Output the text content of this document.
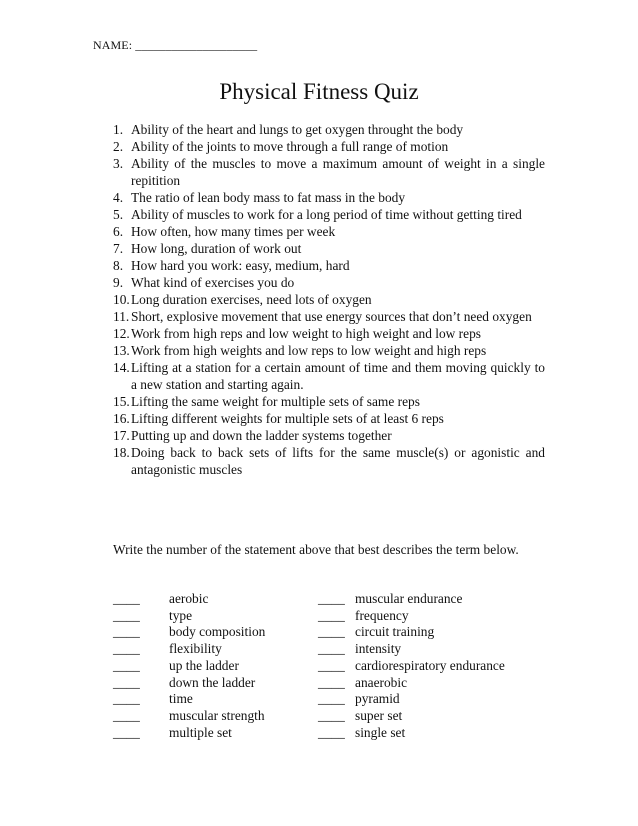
NAME: ____________________
Physical Fitness Quiz
1. Ability of the heart and lungs to get oxygen throught the body
2. Ability of the joints to move through a full range of motion
3. Ability of the muscles to move a maximum amount of weight in a single repitition
4. The ratio of lean body mass to fat mass in the body
5. Ability of muscles to work for a long period of time without getting tired
6. How often, how many times per week
7. How long, duration of work out
8. How hard you work: easy, medium, hard
9. What kind of exercises you do
10. Long duration exercises, need lots of oxygen
11. Short, explosive movement that use energy sources that don’t need oxygen
12. Work from high reps and low weight to high weight and low reps
13. Work from high weights and low reps to low weight and high reps
14. Lifting at a station for a certain amount of time and them moving quickly to a new station and starting again.
15. Lifting the same weight for multiple sets of same reps
16. Lifting different weights for multiple sets of at least 6 reps
17. Putting up and down the ladder systems together
18. Doing back to back sets of lifts for the same muscle(s) or agonistic and antagonistic muscles
Write the number of the statement above that best describes the term below.
____	aerobic
____	type
____	body composition
____	flexibility
____	up the ladder
____	down the ladder
____	time
____	muscular strength
____	multiple set
____ muscular endurance
____ frequency
____ circuit training
____ intensity
____ cardiorespiratory endurance
____ anaerobic
____ pyramid
____ super set
____ single set
